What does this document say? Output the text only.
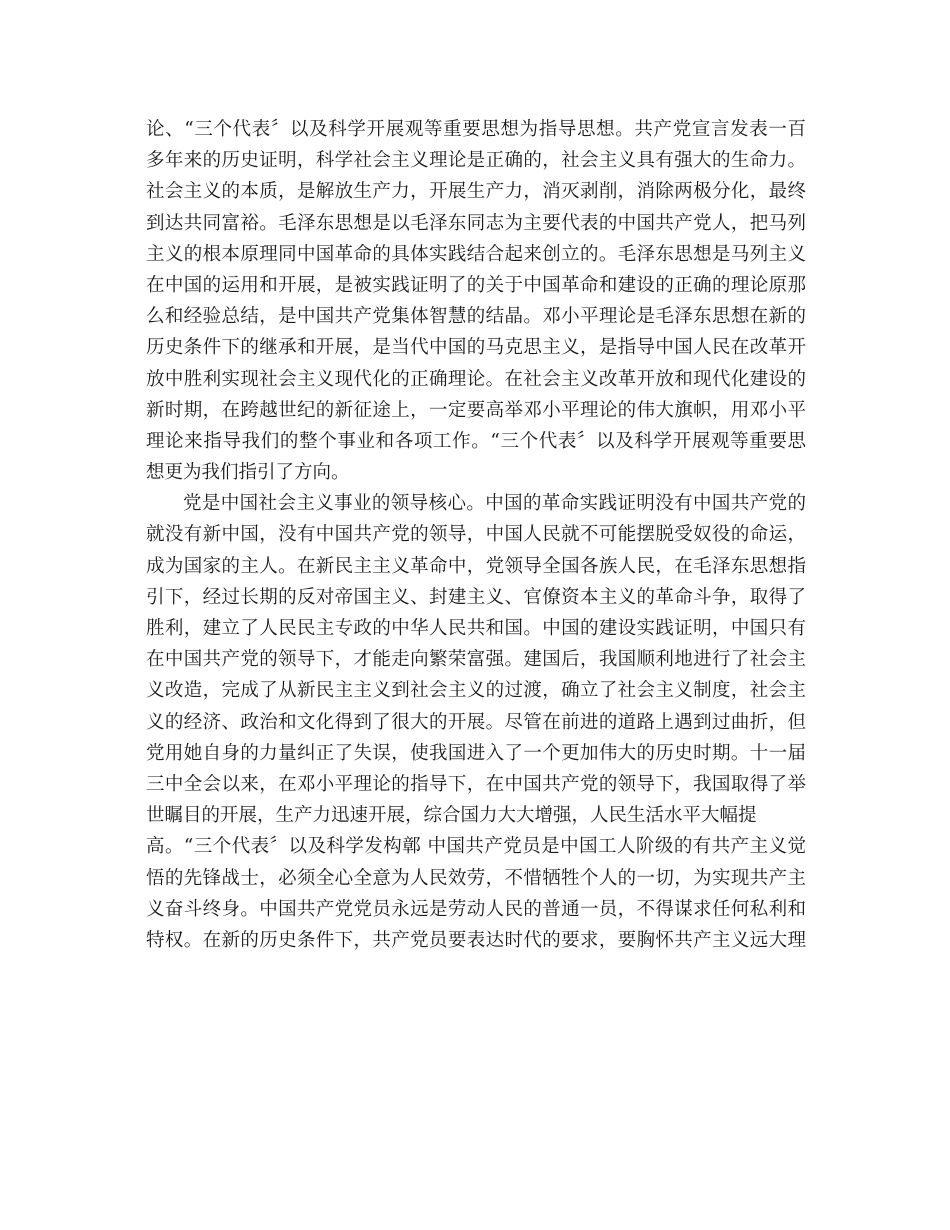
论、“三个代表〞以及科学开展观等重要思想为指导思想。共产党宣言发表一百
多年来的历史证明，科学社会主义理论是正确的，社会主义具有强大的生命力。
社会主义的本质，是解放生产力，开展生产力，消灭剥削，消除两极分化，最终
到达共同富裕。毛泽东思想是以毛泽东同志为主要代表的中国共产党人，把马列
主义的根本原理同中国革命的具体实践结合起来创立的。毛泽东思想是马列主义
在中国的运用和开展，是被实践证明了的关于中国革命和建设的正确的理论原那
么和经验总结，是中国共产党集体智慧的结晶。邓小平理论是毛泽东思想在新的
历史条件下的继承和开展，是当代中国的马克思主义，是指导中国人民在改革开
放中胜利实现社会主义现代化的正确理论。在社会主义改革开放和现代化建设的
新时期，在跨越世纪的新征途上，一定要高举邓小平理论的伟大旗帜，用邓小平
理论来指导我们的整个事业和各项工作。“三个代表〞以及科学开展观等重要思
想更为我们指引了方向。
党是中国社会主义事业的领导核心。中国的革命实践证明没有中国共产党的
就没有新中国，没有中国共产党的领导，中国人民就不可能摆脱受奴役的命运，
成为国家的主人。在新民主主义革命中，党领导全国各族人民，在毛泽东思想指
引下，经过长期的反对帝国主义、封建主义、官僚资本主义的革命斗争，取得了
胜利，建立了人民民主专政的中华人民共和国。中国的建设实践证明，中国只有
在中国共产党的领导下，才能走向繁荣富强。建国后，我国顺利地进行了社会主
义改造，完成了从新民主主义到社会主义的过渡，确立了社会主义制度，社会主
义的经济、政治和文化得到了很大的开展。尽管在前进的道路上遇到过曲折，但
党用她自身的力量纠正了失误，使我国进入了一个更加伟大的历史时期。十一届
三中全会以来，在邓小平理论的指导下，在中国共产党的领导下，我国取得了举
世瞩目的开展，生产力迅速开展，综合国力大大增强，人民生活水平大幅提
高。“三个代表〞以及科学发构鄣 中国共产党员是中国工人阶级的有共产主义觉
悟的先锋战士，必须全心全意为人民效劳，不惜牺牲个人的一切，为实现共产主
义奋斗终身。中国共产党党员永远是劳动人民的普通一员，不得谋求任何私利和
特权。在新的历史条件下，共产党员要表达时代的要求，要胸怀共产主义远大理
